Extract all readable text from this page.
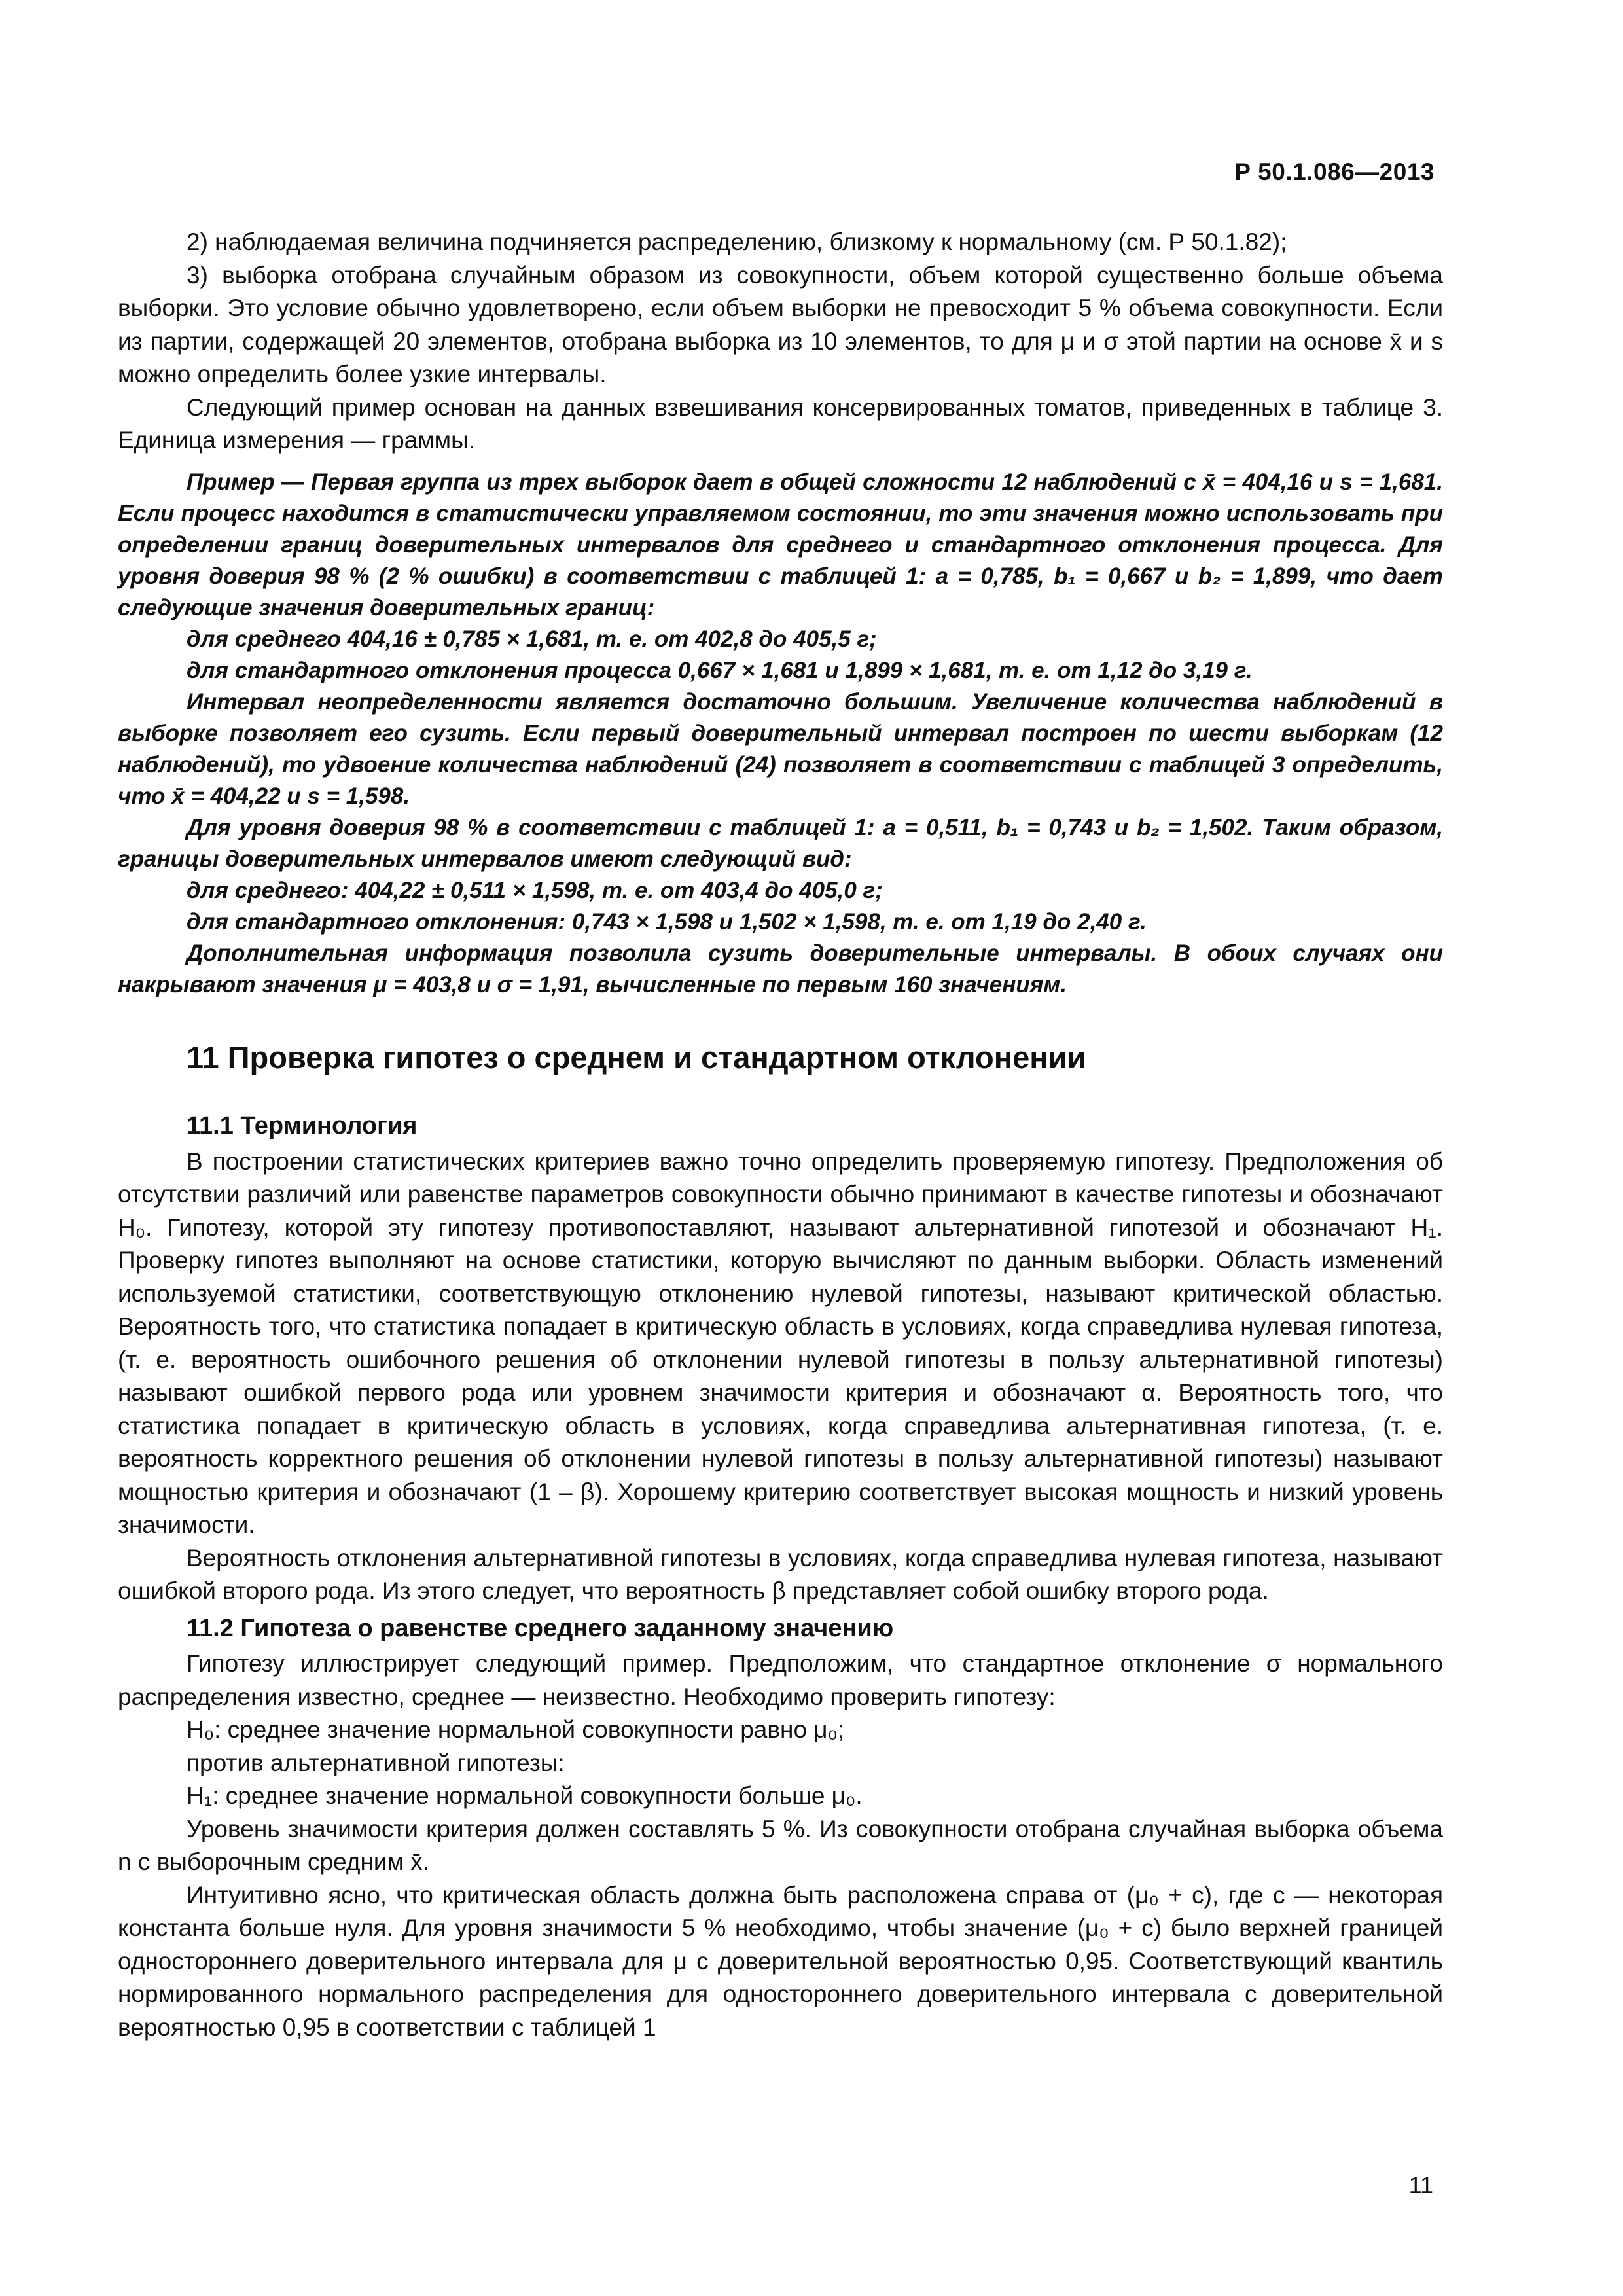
Р 50.1.086—2013

2) наблюдаемая величина подчиняется распределению, близкому к нормальному (см. Р 50.1.82);

3) выборка отобрана случайным образом из совокупности, объем которой существенно больше объема выборки. Это условие обычно удовлетворено, если объем выборки не превосходит 5 % объема совокупности. Если из партии, содержащей 20 элементов, отобрана выборка из 10 элементов, то для μ и σ этой партии на основе x̄ и s можно определить более узкие интервалы.

Следующий пример основан на данных взвешивания консервированных томатов, приведенных в таблице 3. Единица измерения — граммы.

Пример — Первая группа из трех выборок дает в общей сложности 12 наблюдений с x̄ = 404,16 и s = 1,681. Если процесс находится в статистически управляемом состоянии, то эти значения можно использовать при определении границ доверительных интервалов для среднего и стандартного отклонения процесса. Для уровня доверия 98 % (2 % ошибки) в соответствии с таблицей 1: a = 0,785, b₁ = 0,667 и b₂ = 1,899, что дает следующие значения доверительных границ:

для среднего 404,16 ± 0,785 × 1,681, т. е. от 402,8 до 405,5 г;

для стандартного отклонения процесса 0,667 × 1,681 и 1,899 × 1,681, т. е. от 1,12 до 3,19 г.

Интервал неопределенности является достаточно большим. Увеличение количества наблюдений в выборке позволяет его сузить. Если первый доверительный интервал построен по шести выборкам (12 наблюдений), то удвоение количества наблюдений (24) позволяет в соответствии с таблицей 3 определить, что x̄ = 404,22 и s = 1,598.

Для уровня доверия 98 % в соответствии с таблицей 1: a = 0,511, b₁ = 0,743 и b₂ = 1,502. Таким образом, границы доверительных интервалов имеют следующий вид:

для среднего: 404,22 ± 0,511 × 1,598, т. е. от 403,4 до 405,0 г;

для стандартного отклонения: 0,743 × 1,598 и 1,502 × 1,598, т. е. от 1,19 до 2,40 г.

Дополнительная информация позволила сузить доверительные интервалы. В обоих случаях они накрывают значения μ = 403,8 и σ = 1,91, вычисленные по первым 160 значениям.

11 Проверка гипотез о среднем и стандартном отклонении
11.1 Терминология

В построении статистических критериев важно точно определить проверяемую гипотезу. Предположения об отсутствии различий или равенстве параметров совокупности обычно принимают в качестве гипотезы и обозначают H₀. Гипотезу, которой эту гипотезу противопоставляют, называют альтернативной гипотезой и обозначают H₁. Проверку гипотез выполняют на основе статистики, которую вычисляют по данным выборки. Область изменений используемой статистики, соответствующую отклонению нулевой гипотезы, называют критической областью. Вероятность того, что статистика попадает в критическую область в условиях, когда справедлива нулевая гипотеза, (т. е. вероятность ошибочного решения об отклонении нулевой гипотезы в пользу альтернативной гипотезы) называют ошибкой первого рода или уровнем значимости критерия и обозначают α. Вероятность того, что статистика попадает в критическую область в условиях, когда справедлива альтернативная гипотеза, (т. е. вероятность корректного решения об отклонении нулевой гипотезы в пользу альтернативной гипотезы) называют мощностью критерия и обозначают (1 – β). Хорошему критерию соответствует высокая мощность и низкий уровень значимости.

Вероятность отклонения альтернативной гипотезы в условиях, когда справедлива нулевая гипотеза, называют ошибкой второго рода. Из этого следует, что вероятность β представляет собой ошибку второго рода.

11.2 Гипотеза о равенстве среднего заданному значению

Гипотезу иллюстрирует следующий пример. Предположим, что стандартное отклонение σ нормального распределения известно, среднее — неизвестно. Необходимо проверить гипотезу:

H₀: среднее значение нормальной совокупности равно μ₀;

против альтернативной гипотезы:

H₁: среднее значение нормальной совокупности больше μ₀.

Уровень значимости критерия должен составлять 5 %. Из совокупности отобрана случайная выборка объема n с выборочным средним x̄.

Интуитивно ясно, что критическая область должна быть расположена справа от (μ₀ + c), где c — некоторая константа больше нуля. Для уровня значимости 5 % необходимо, чтобы значение (μ₀ + c) было верхней границей одностороннего доверительного интервала для μ с доверительной вероятностью 0,95. Соответствующий квантиль нормированного нормального распределения для одностороннего доверительного интервала с доверительной вероятностью 0,95 в соответствии с таблицей 1

11
